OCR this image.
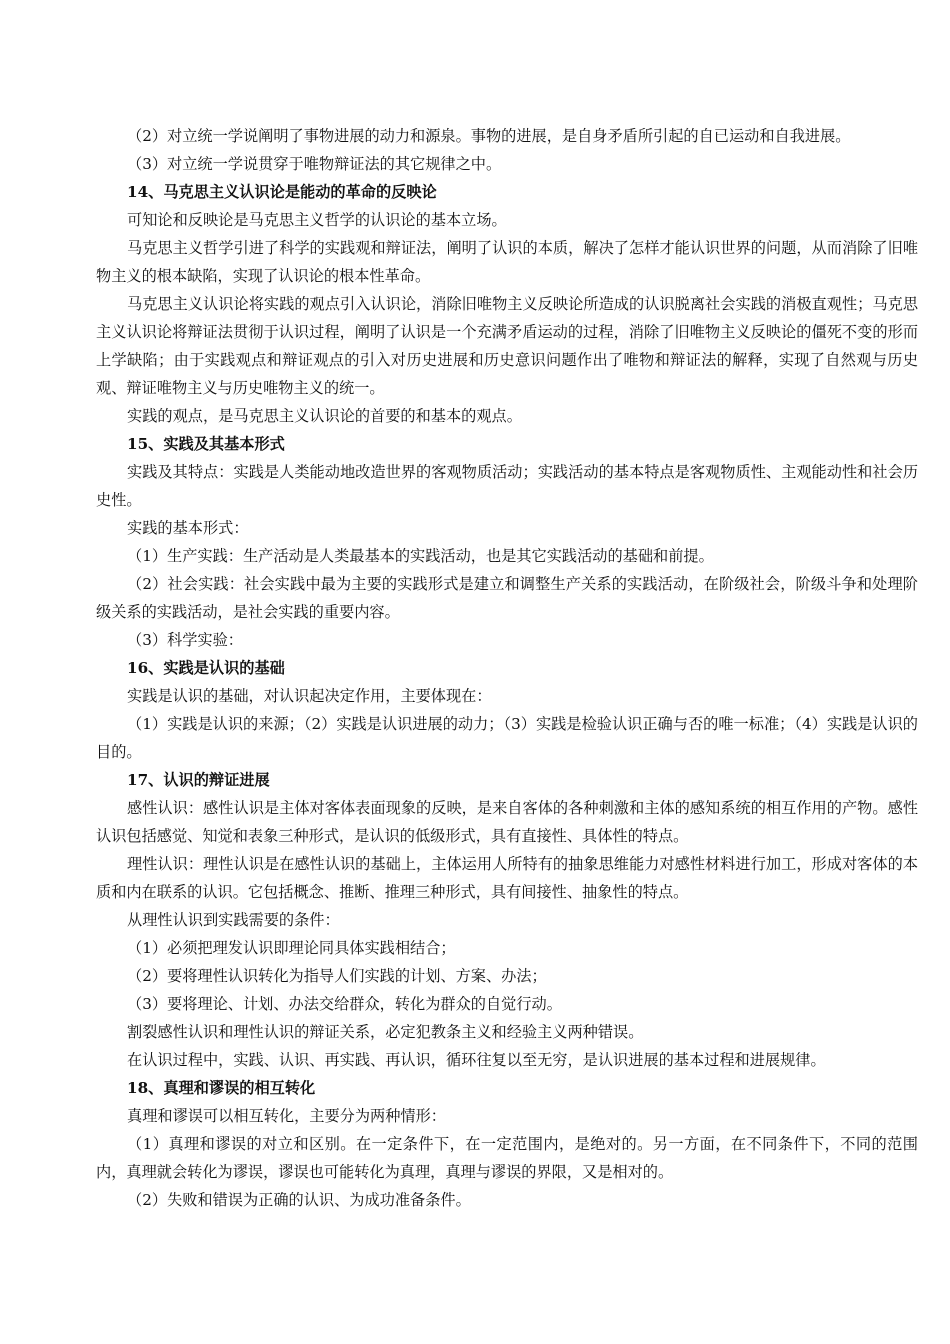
（2）对立统一学说阐明了事物进展的动力和源泉。事物的进展，是自身矛盾所引起的自已运动和自我进展。

（3）对立统一学说贯穿于唯物辩证法的其它规律之中。

14、马克思主义认识论是能动的革命的反映论

可知论和反映论是马克思主义哲学的认识论的基本立场。

马克思主义哲学引进了科学的实践观和辩证法，阐明了认识的本质，解决了怎样才能认识世界的问题，从而消除了旧唯物主义的根本缺陷，实现了认识论的根本性革命。

马克思主义认识论将实践的观点引入认识论，消除旧唯物主义反映论所造成的认识脱离社会实践的消极直观性；马克思主义认识论将辩证法贯彻于认识过程，阐明了认识是一个充满矛盾运动的过程，消除了旧唯物主义反映论的僵死不变的形而上学缺陷；由于实践观点和辩证观点的引入对历史进展和历史意识问题作出了唯物和辩证法的解释，实现了自然观与历史观、辩证唯物主义与历史唯物主义的统一。

实践的观点，是马克思主义认识论的首要的和基本的观点。

15、实践及其基本形式

实践及其特点：实践是人类能动地改造世界的客观物质活动；实践活动的基本特点是客观物质性、主观能动性和社会历史性。

实践的基本形式：

（1）生产实践：生产活动是人类最基本的实践活动，也是其它实践活动的基础和前提。

（2）社会实践：社会实践中最为主要的实践形式是建立和调整生产关系的实践活动，在阶级社会，阶级斗争和处理阶级关系的实践活动，是社会实践的重要内容。

（3）科学实验：

16、实践是认识的基础

实践是认识的基础，对认识起决定作用，主要体现在：

（1）实践是认识的来源；（2）实践是认识进展的动力；（3）实践是检验认识正确与否的唯一标准；（4）实践是认识的目的。

17、认识的辩证进展

感性认识：感性认识是主体对客体表面现象的反映，是来自客体的各种刺激和主体的感知系统的相互作用的产物。感性认识包括感觉、知觉和表象三种形式，是认识的低级形式，具有直接性、具体性的特点。

理性认识：理性认识是在感性认识的基础上，主体运用人所特有的抽象思维能力对感性材料进行加工，形成对客体的本质和内在联系的认识。它包括概念、推断、推理三种形式，具有间接性、抽象性的特点。

从理性认识到实践需要的条件：

（1）必须把理发认识即理论同具体实践相结合；

（2）要将理性认识转化为指导人们实践的计划、方案、办法；

（3）要将理论、计划、办法交给群众，转化为群众的自觉行动。

割裂感性认识和理性认识的辩证关系，必定犯教条主义和经验主义两种错误。

在认识过程中，实践、认识、再实践、再认识，循环往复以至无穷，是认识进展的基本过程和进展规律。

18、真理和谬误的相互转化

真理和谬误可以相互转化，主要分为两种情形：

（1）真理和谬误的对立和区别。在一定条件下，在一定范围内，是绝对的。另一方面，在不同条件下，不同的范围内，真理就会转化为谬误，谬误也可能转化为真理，真理与谬误的界限，又是相对的。

（2）失败和错误为正确的认识、为成功准备条件。
